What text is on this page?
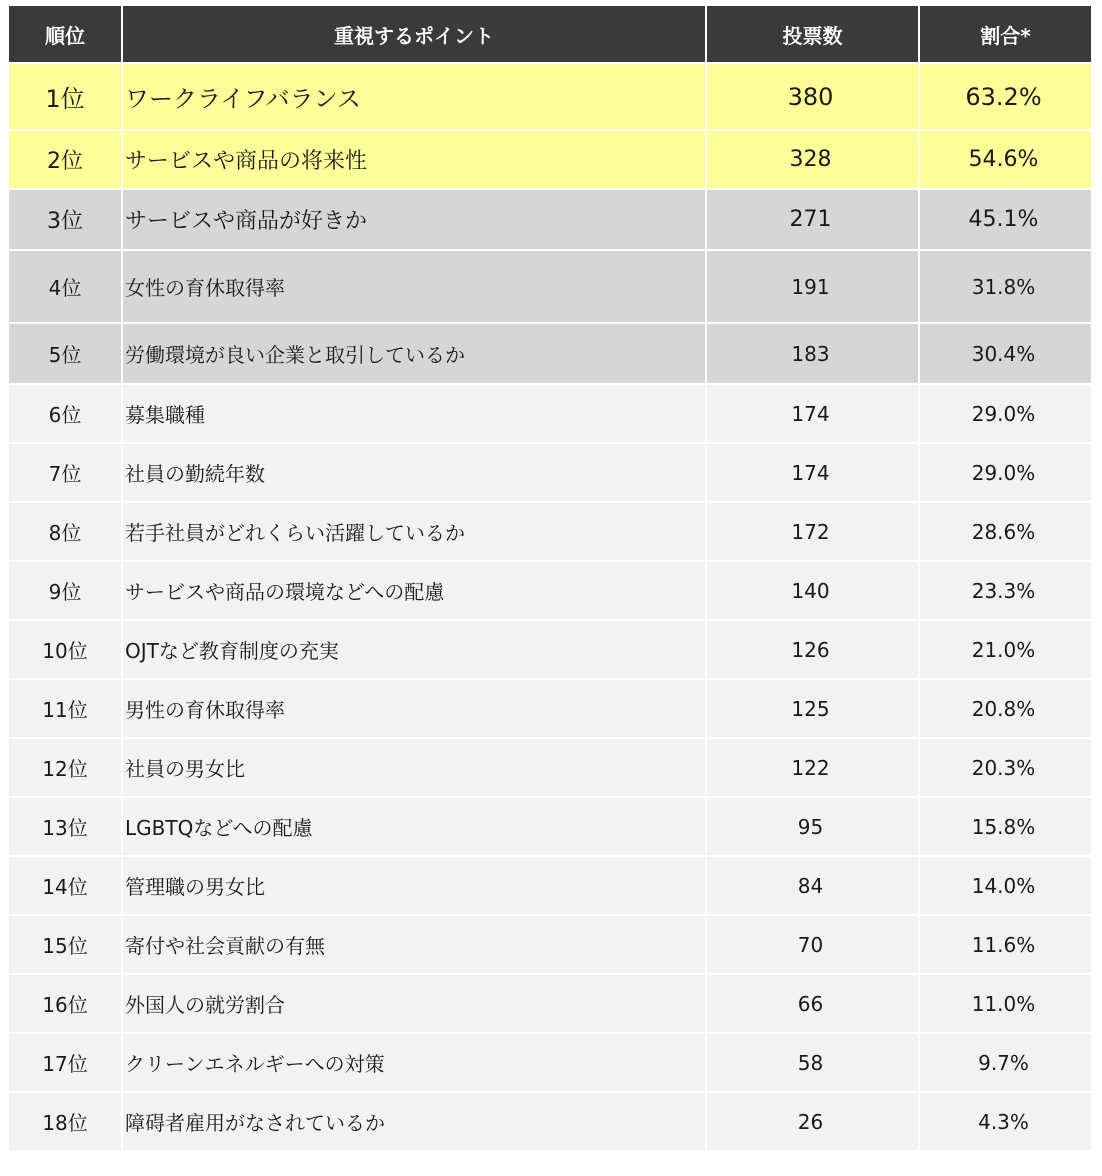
順位	重視するポイント	投票数	割合*
1位	ワークライフバランス	380	63.2%
2位	サービスや商品の将来性	328	54.6%
3位	サービスや商品が好きか	271	45.1%
4位	女性の育休取得率	191	31.8%
5位	労働環境が良い企業と取引しているか	183	30.4%
6位	募集職種	174	29.0%
7位	社員の勤続年数	174	29.0%
8位	若手社員がどれくらい活躍しているか	172	28.6%
9位	サービスや商品の環境などへの配慮	140	23.3%
10位	OJTなど教育制度の充実	126	21.0%
11位	男性の育休取得率	125	20.8%
12位	社員の男女比	122	20.3%
13位	LGBTQなどへの配慮	95	15.8%
14位	管理職の男女比	84	14.0%
15位	寄付や社会貢献の有無	70	11.6%
16位	外国人の就労割合	66	11.0%
17位	クリーンエネルギーへの対策	58	9.7%
18位	障碍者雇用がなされているか	26	4.3%
